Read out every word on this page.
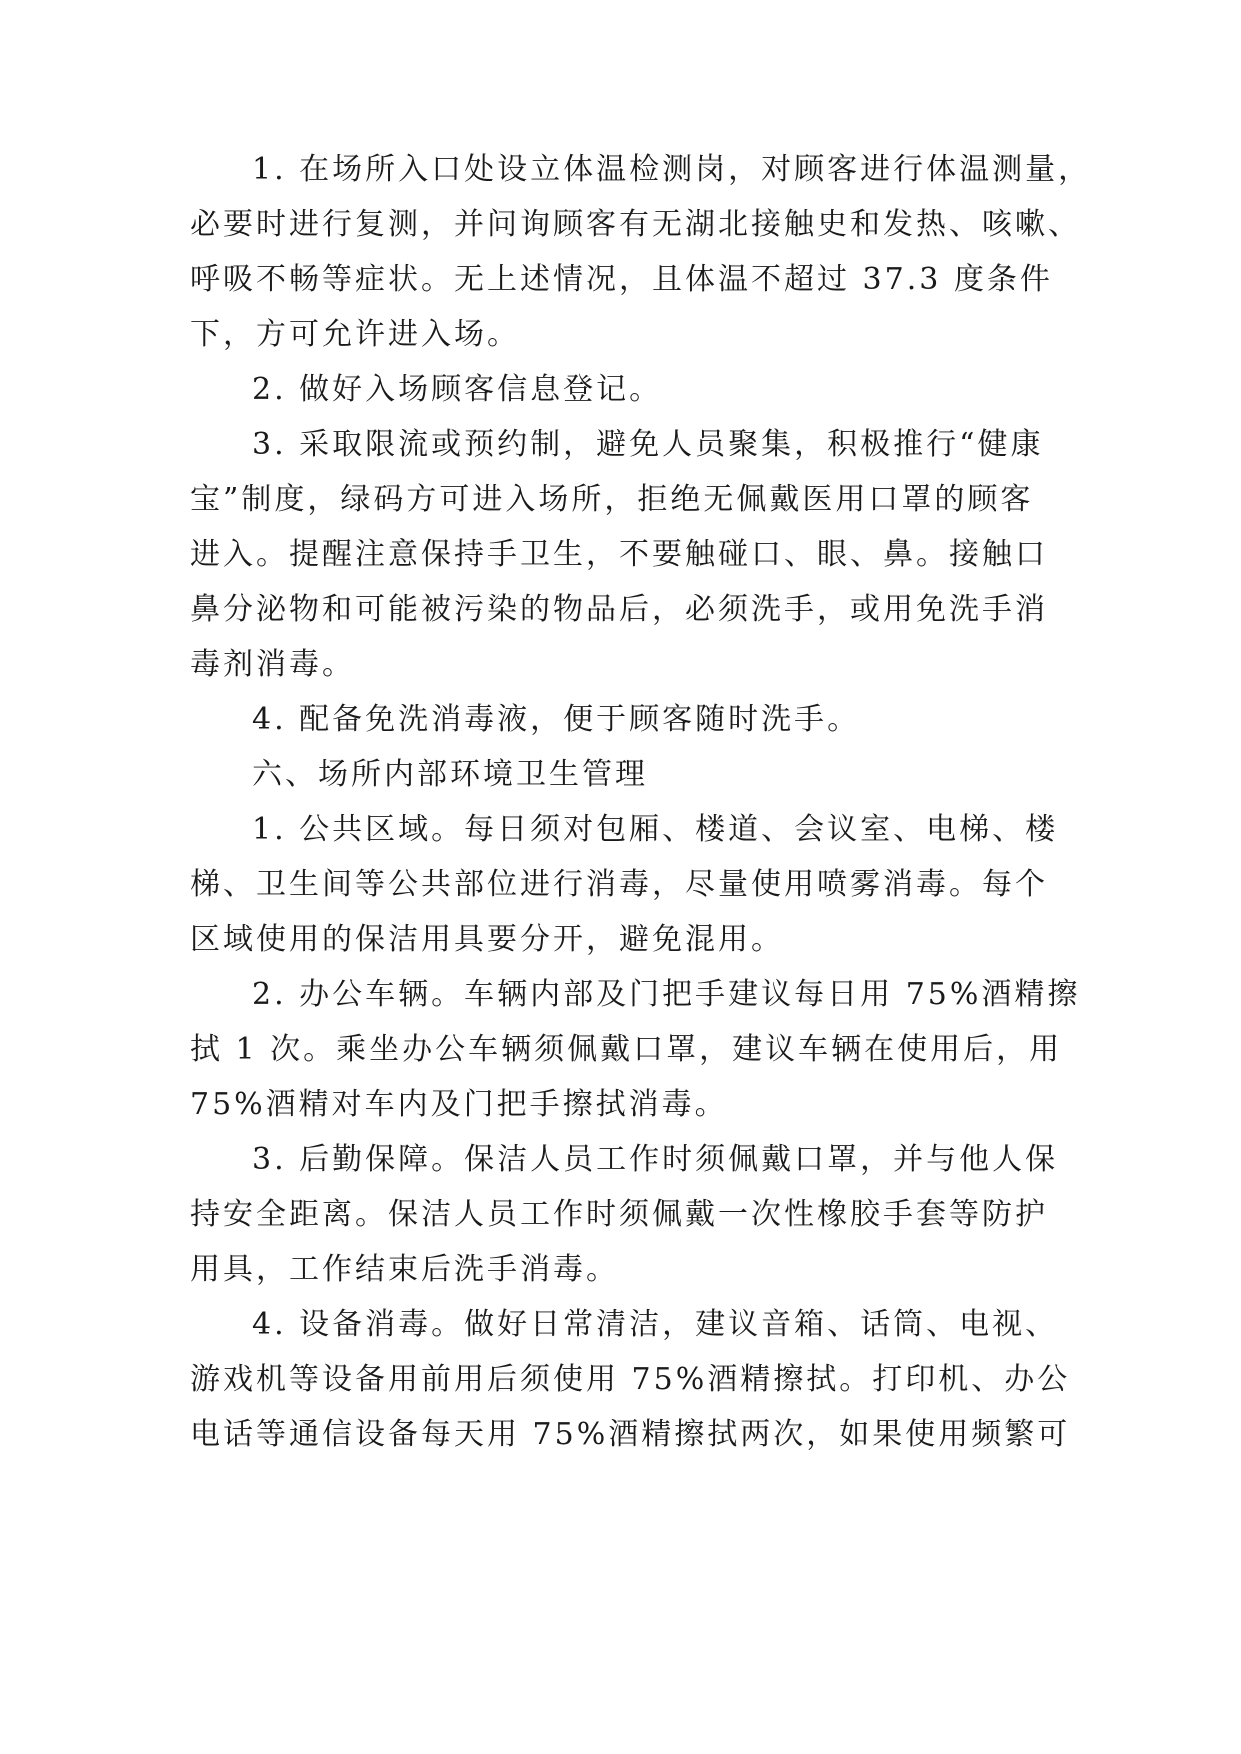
1. 在场所入口处设立体温检测岗，对顾客进行体温测量，
必要时进行复测，并问询顾客有无湖北接触史和发热、咳嗽、
呼吸不畅等症状。无上述情况，且体温不超过 37.3 度条件
下，方可允许进入场。
2. 做好入场顾客信息登记。
3. 采取限流或预约制，避免人员聚集，积极推行“健康
宝”制度，绿码方可进入场所，拒绝无佩戴医用口罩的顾客
进入。提醒注意保持手卫生，不要触碰口、眼、鼻。接触口
鼻分泌物和可能被污染的物品后，必须洗手，或用免洗手消
毒剂消毒。
4. 配备免洗消毒液，便于顾客随时洗手。
六、场所内部环境卫生管理
1. 公共区域。每日须对包厢、楼道、会议室、电梯、楼
梯、卫生间等公共部位进行消毒，尽量使用喷雾消毒。每个
区域使用的保洁用具要分开，避免混用。
2. 办公车辆。车辆内部及门把手建议每日用 75%酒精擦
拭 1 次。乘坐办公车辆须佩戴口罩，建议车辆在使用后，用
75%酒精对车内及门把手擦拭消毒。
3. 后勤保障。保洁人员工作时须佩戴口罩，并与他人保
持安全距离。保洁人员工作时须佩戴一次性橡胶手套等防护
用具，工作结束后洗手消毒。
4. 设备消毒。做好日常清洁，建议音箱、话筒、电视、
游戏机等设备用前用后须使用 75%酒精擦拭。打印机、办公
电话等通信设备每天用 75%酒精擦拭两次，如果使用频繁可
